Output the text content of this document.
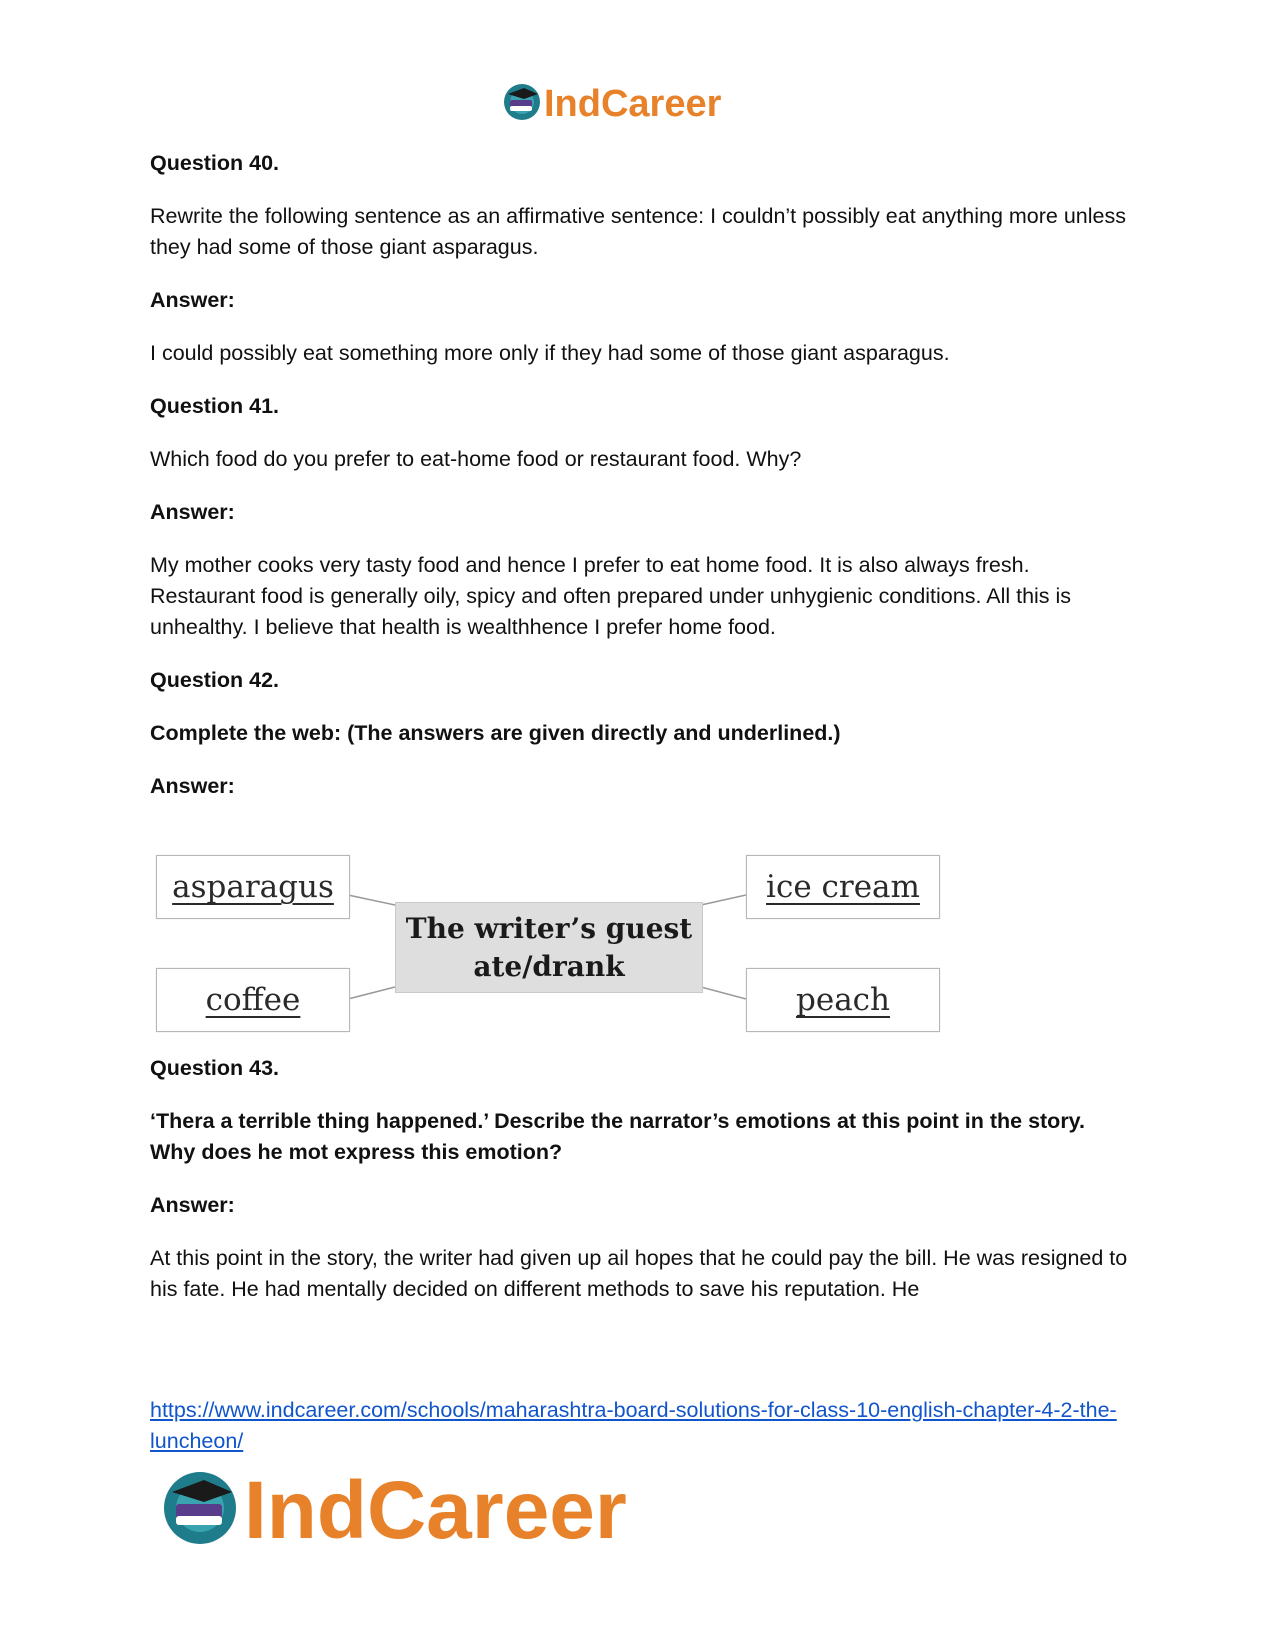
IndCareer

Question 40.

Rewrite the following sentence as an affirmative sentence: I couldn’t possibly eat anything more unless they had some of those giant asparagus.

Answer:

I could possibly eat something more only if they had some of those giant asparagus.

Question 41.

Which food do you prefer to eat-home food or restaurant food. Why?

Answer:

My mother cooks very tasty food and hence I prefer to eat home food. It is also always fresh. Restaurant food is generally oily, spicy and often prepared under unhygienic conditions. All this is unhealthy. I believe that health is wealthhence I prefer home food.

Question 42.

Complete the web: (The answers are given directly and underlined.)

Answer:

Question 43.

‘Thera a terrible thing happened.’ Describe the narrator’s emotions at this point in the story. Why does he mot express this emotion?

Answer:

At this point in the story, the writer had given up ail hopes that he could pay the bill. He was resigned to his fate. He had mentally decided on different methods to save his reputation. He

asparagus	ice cream
coffee	peach
The writer’s guest
ate/drank
https://www.indcareer.com/schools/maharashtra-board-solutions-for-class-10-english-chapter-4-2-the-luncheon/
IndCareer
